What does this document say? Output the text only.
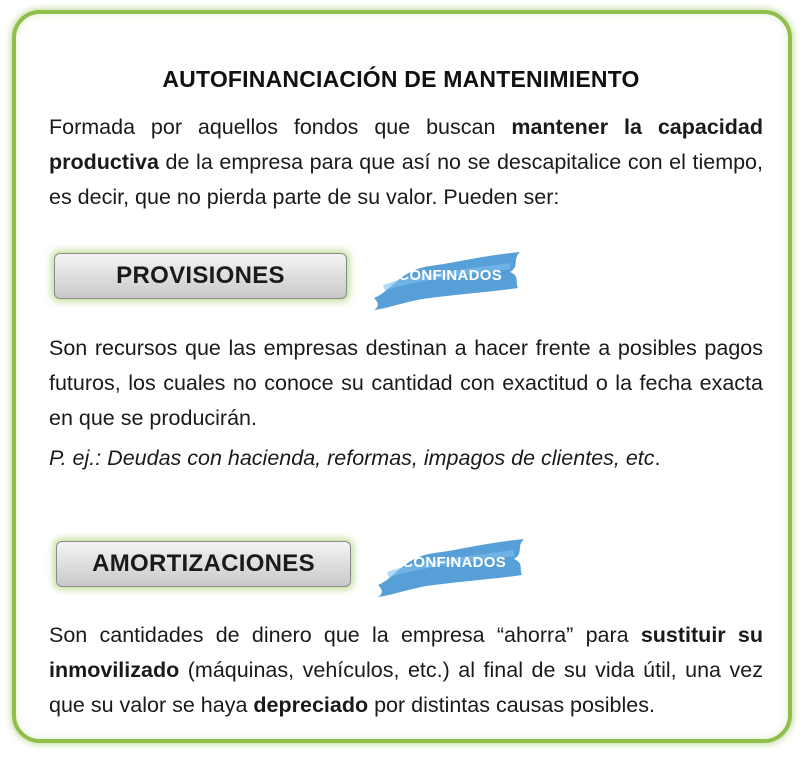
AUTOFINANCIACIÓN DE MANTENIMIENTO

Formada por aquellos fondos que buscan mantener la capacidad productiva de la empresa para que así no se descapitalice con el tiempo, es decir, que no pierda parte de su valor. Pueden ser:

PROVISIONES	ECONFINADOS

Son recursos que las empresas destinan a hacer frente a posibles pagos futuros, los cuales no conoce su cantidad con exactitud o la fecha exacta en que se producirán.

P. ej.: Deudas con hacienda, reformas, impagos de clientes, etc.

AMORTIZACIONES	ECONFINADOS

Son cantidades de dinero que la empresa “ahorra” para sustituir su inmovilizado (máquinas, vehículos, etc.) al final de su vida útil, una vez que su valor se haya depreciado por distintas causas posibles.
